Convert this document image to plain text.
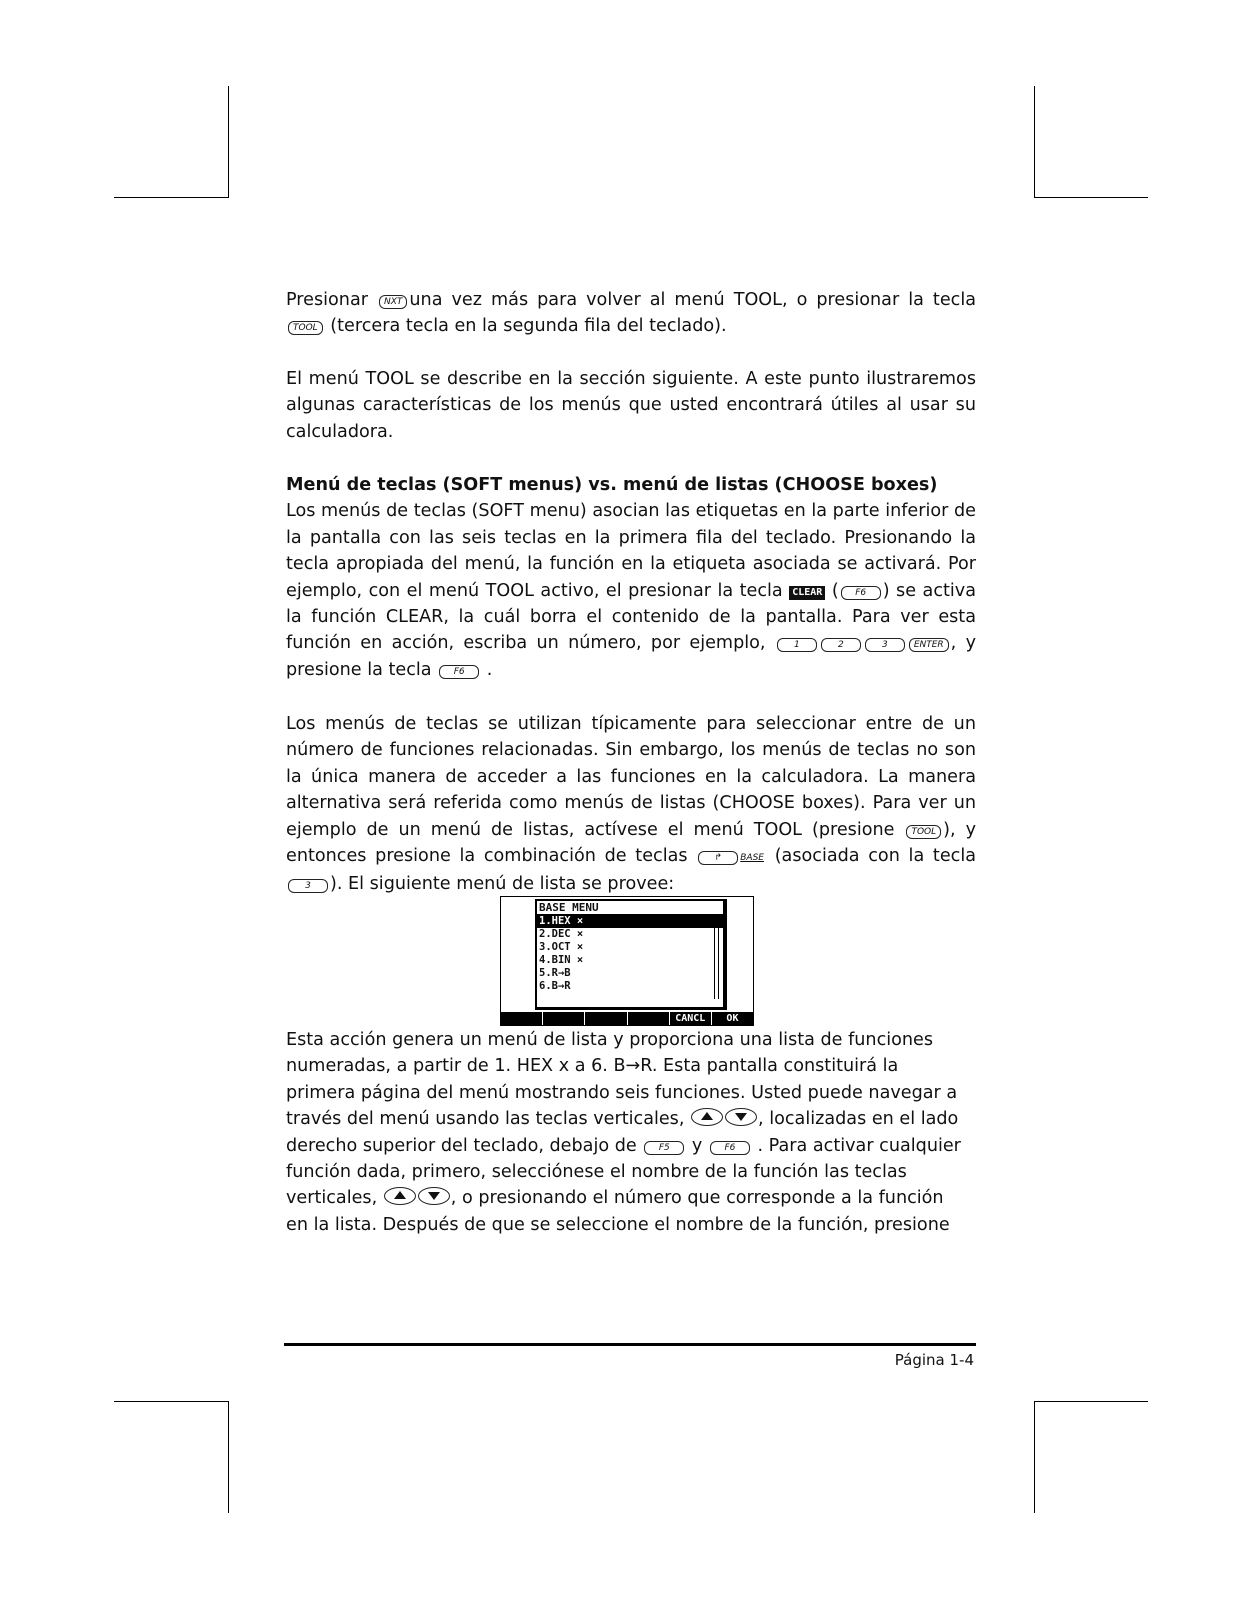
Presionar NXT una vez más para volver al menú TOOL, o presionar la tecla TOOL (tercera tecla en la segunda fila del teclado).

El menú TOOL se describe en la sección siguiente. A este punto ilustraremos algunas características de los menús que usted encontrará útiles al usar su calculadora.

Menú de teclas (SOFT menus) vs. menú de listas (CHOOSE boxes)

Los menús de teclas (SOFT menu) asocian las etiquetas en la parte inferior de la pantalla con las seis teclas en la primera fila del teclado. Presionando la tecla apropiada del menú, la función en la etiqueta asociada se activará. Por ejemplo, con el menú TOOL activo, el presionar la tecla CLEAR ( F6 ) se activa la función CLEAR, la cuál borra el contenido de la pantalla. Para ver esta función en acción, escriba un número, por ejemplo, 1	2	3	ENTER , y presione la tecla F6 .

Los menús de teclas se utilizan típicamente para seleccionar entre de un número de funciones relacionadas. Sin embargo, los menús de teclas no son la única manera de acceder a las funciones en la calculadora. La manera alternativa será referida como menús de listas (CHOOSE boxes). Para ver un ejemplo de un menú de listas, actívese el menú TOOL (presione TOOL ), y entonces presione la combinación de teclas ↱ BASE (asociada con la tecla 3 ). El siguiente menú de lista se provee:

BASE MENU
1.HEX ×
2.DEC ×
3.OCT ×
4.BIN ×
5.R→B
6.B→R
CANCL	OK

Esta acción genera un menú de lista y proporciona una lista de funciones numeradas, a partir de 1. HEX x a 6. B→R. Esta pantalla constituirá la primera página del menú mostrando seis funciones. Usted puede navegar a través del menú usando las teclas verticales,	, localizadas en el lado derecho superior del teclado, debajo de F5 y F6 . Para activar cualquier función dada, primero, selecciónese el nombre de la función las teclas verticales,	, o presionando el número que corresponde a la función en la lista. Después de que se seleccione el nombre de la función, presione

Página 1-4
